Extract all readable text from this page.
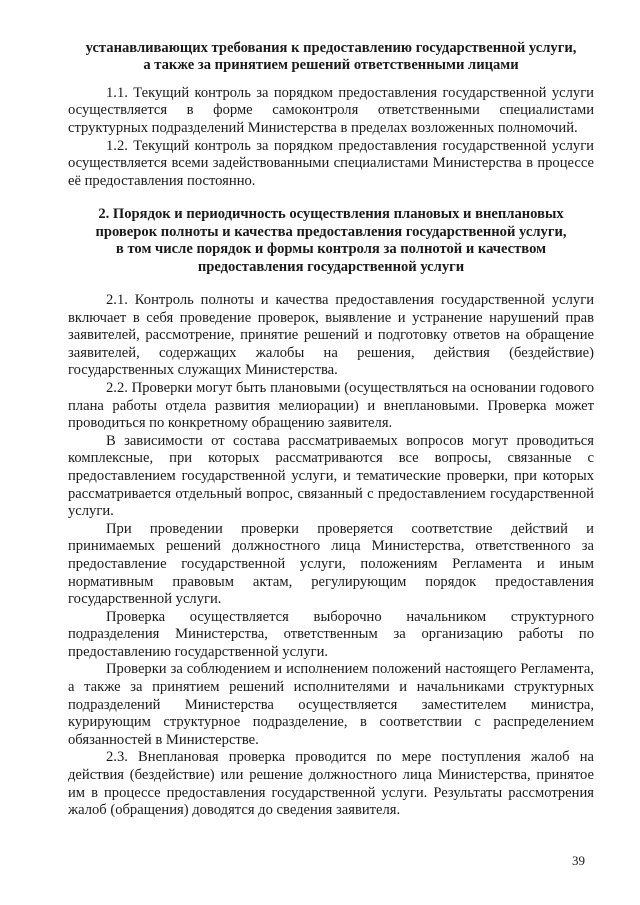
устанавливающих требования к предоставлению государственной услуги,
а также за принятием решений ответственными лицами

1.1. Текущий контроль за порядком предоставления государственной услуги осуществляется в форме самоконтроля ответственными специалистами структурных подразделений Министерства в пределах возложенных полномочий.

1.2. Текущий контроль за порядком предоставления государственной услуги осуществляется всеми задействованными специалистами Министерства в процессе её предоставления постоянно.

2. Порядок и периодичность осуществления плановых и внеплановых
проверок полноты и качества предоставления государственной услуги,
в том числе порядок и формы контроля за полнотой и качеством
предоставления государственной услуги

2.1. Контроль полноты и качества предоставления государственной услуги включает в себя проведение проверок, выявление и устранение нарушений прав заявителей, рассмотрение, принятие решений и подготовку ответов на обращение заявителей, содержащих жалобы на решения, действия (бездействие) государственных служащих Министерства.

2.2. Проверки могут быть плановыми (осуществляться на основании годового плана работы отдела развития мелиорации) и внеплановыми. Проверка может проводиться по конкретному обращению заявителя.

В зависимости от состава рассматриваемых вопросов могут проводиться комплексные, при которых рассматриваются все вопросы, связанные с предоставлением государственной услуги, и тематические проверки, при которых рассматривается отдельный вопрос, связанный с предоставлением государственной услуги.

При проведении проверки проверяется соответствие действий и принимаемых решений должностного лица Министерства, ответственного за предоставление государственной услуги, положениям Регламента и иным нормативным правовым актам, регулирующим порядок предоставления государственной услуги.

Проверка осуществляется выборочно начальником структурного подразделения Министерства, ответственным за организацию работы по предоставлению государственной услуги.

Проверки за соблюдением и исполнением положений настоящего Регламента, а также за принятием решений исполнителями и начальниками структурных подразделений Министерства осуществляется заместителем министра, курирующим структурное подразделение, в соответствии с распределением обязанностей в Министерстве.

2.3. Внеплановая проверка проводится по мере поступления жалоб на действия (бездействие) или решение должностного лица Министерства, принятое им в процессе предоставления государственной услуги. Результаты рассмотрения жалоб (обращения) доводятся до сведения заявителя.

39
